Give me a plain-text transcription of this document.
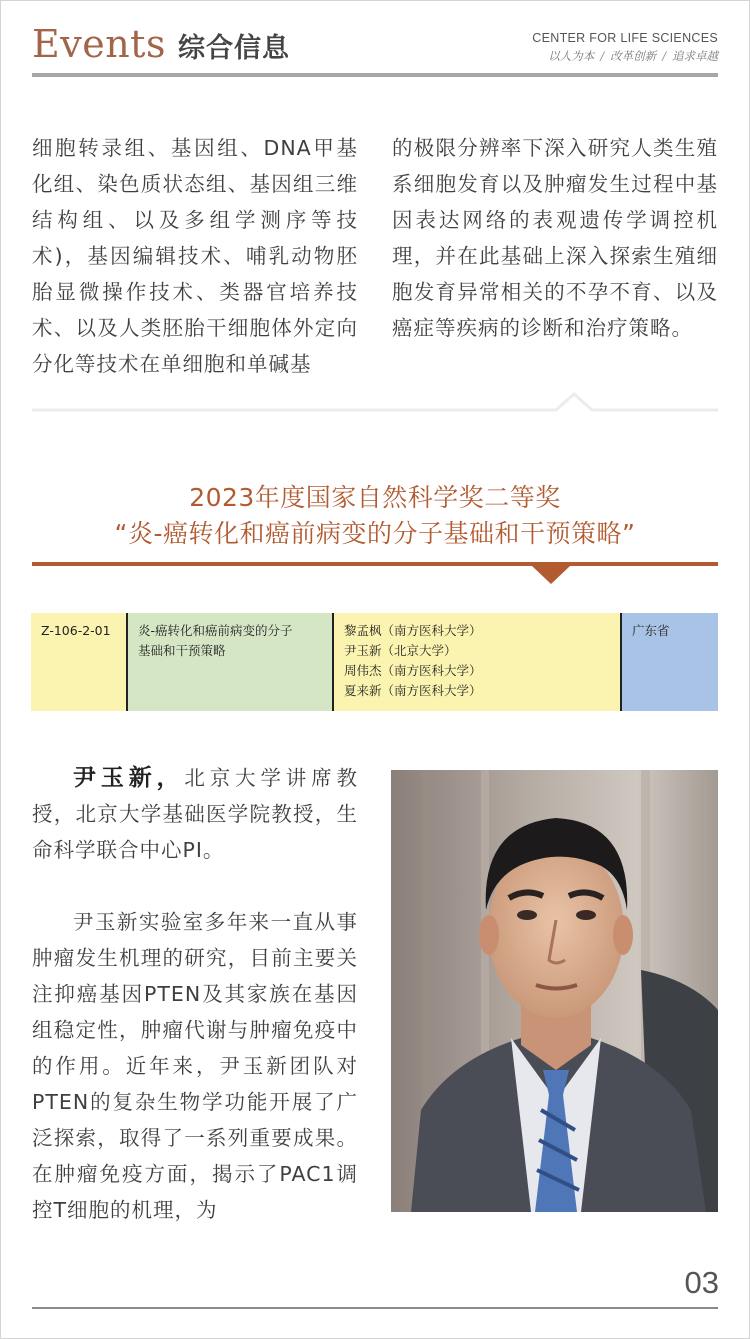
Events 综合信息	CENTER FOR LIFE SCIENCES
以人为本 / 改革创新 / 追求卓越
细胞转录组、基因组、DNA甲基化组、染色质状态组、基因组三维结构组、以及多组学测序等技术)，基因编辑技术、哺乳动物胚胎显微操作技术、类器官培养技术、以及人类胚胎干细胞体外定向分化等技术在单细胞和单碱基
的极限分辨率下深入研究人类生殖系细胞发育以及肿瘤发生过程中基因表达网络的表观遗传学调控机理，并在此基础上深入探索生殖细胞发育异常相关的不孕不育、以及癌症等疾病的诊断和治疗策略。
2023年度国家自然科学奖二等奖
“炎-癌转化和癌前病变的分子基础和干预策略”
Z-106-2-01	炎-癌转化和癌前病变的分子
基础和干预策略
黎孟枫（南方医科大学）
尹玉新（北京大学）
周伟杰（南方医科大学）
夏来新（南方医科大学）
广东省

尹玉新，北京大学讲席教授，北京大学基础医学院教授，生命科学联合中心PI。

尹玉新实验室多年来一直从事肿瘤发生机理的研究，目前主要关注抑癌基因PTEN及其家族在基因组稳定性，肿瘤代谢与肿瘤免疫中的作用。近年来，尹玉新团队对PTEN的复杂生物学功能开展了广泛探索，取得了一系列重要成果。在肿瘤免疫方面，揭示了PAC1调控T细胞的机理，为

03
